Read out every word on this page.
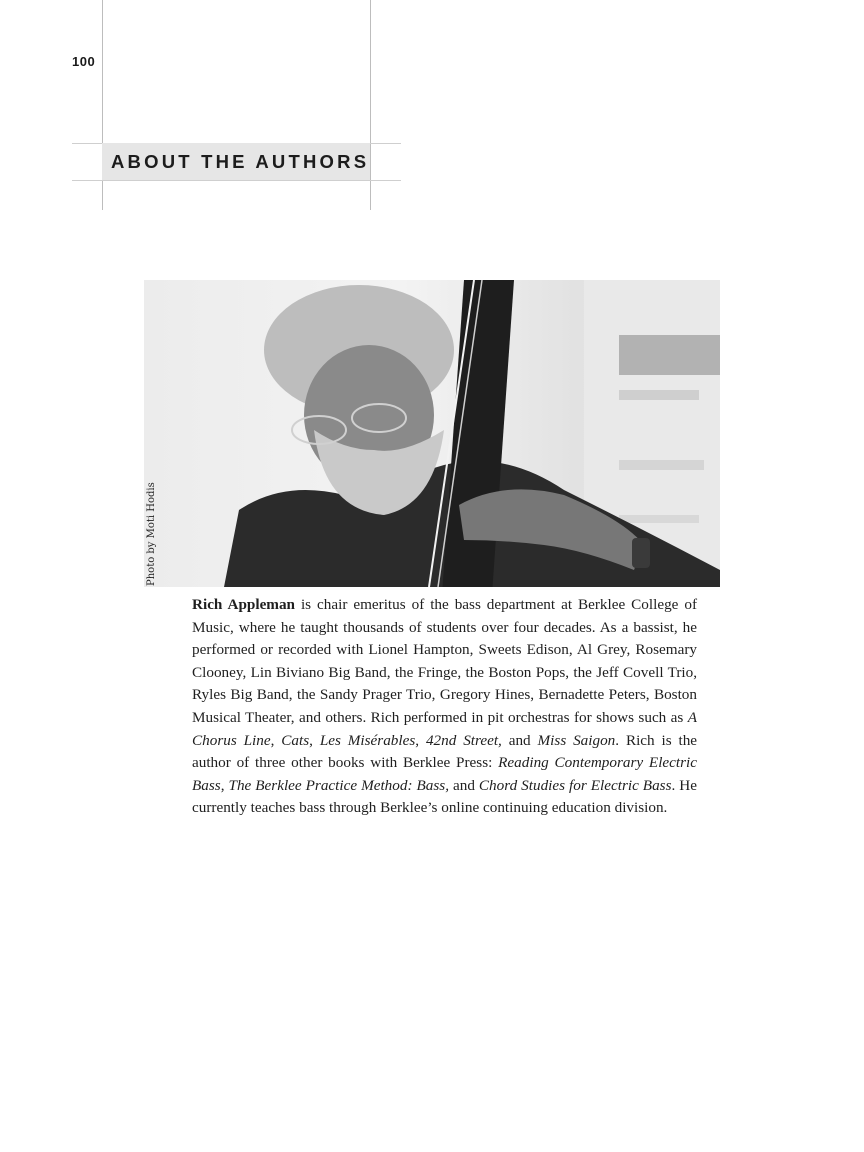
100
ABOUT THE AUTHORS
Photo by Moti Hodis
Rich Appleman is chair emeritus of the bass department at Berklee College of Music, where he taught thousands of students over four decades. As a bassist, he performed or recorded with Lionel Hampton, Sweets Edison, Al Grey, Rosemary Clooney, Lin Biviano Big Band, the Fringe, the Boston Pops, the Jeff Covell Trio, Ryles Big Band, the Sandy Prager Trio, Gregory Hines, Bernadette Peters, Boston Musical Theater, and others. Rich performed in pit orchestras for shows such as A Chorus Line, Cats, Les Misérables, 42nd Street, and Miss Saigon. Rich is the author of three other books with Berklee Press: Reading Contemporary Electric Bass, The Berklee Practice Method: Bass, and Chord Studies for Electric Bass. He currently teaches bass through Berklee’s online continuing education division.
